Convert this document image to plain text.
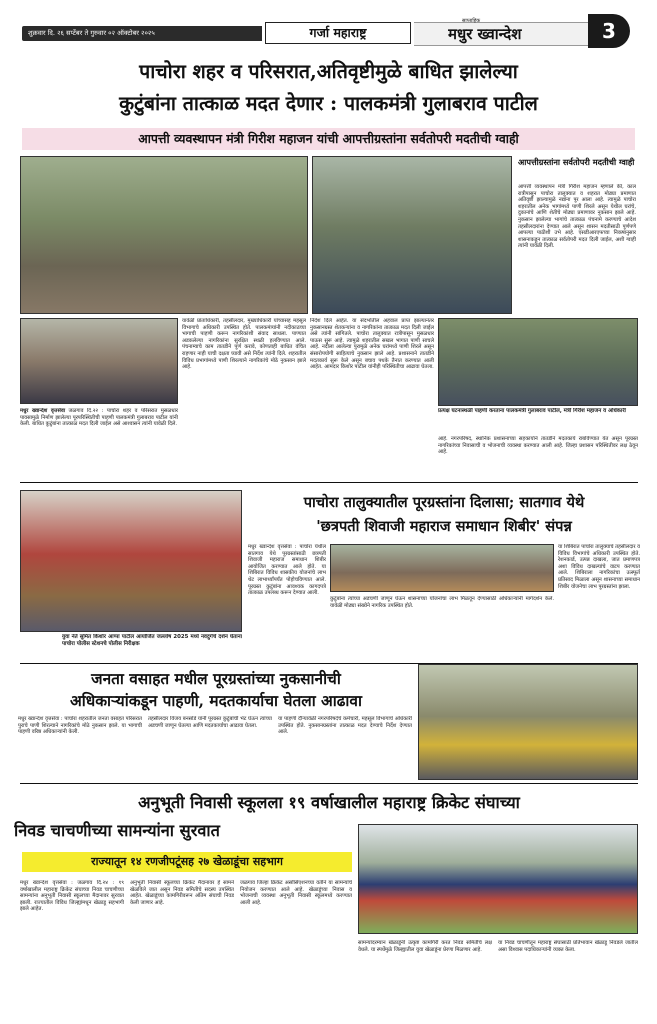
शुक्रवार दि. २६ सप्टेंबर ते गुरुवार ०२ ऑक्टोबर २०२५	गर्जा महाराष्ट्र
साप्ताहिक
मधुर ख्वान्देश	3
पाचोरा शहर व परिसरात,अतिवृष्टीमुळे बाधित झालेल्या
कुटुंबांना तात्काळ मदत देणार : पालकमंत्री गुलाबराव पाटील
आपत्ती व्यवस्थापन मंत्री गिरीश महाजन यांची आपत्तीग्रस्तांना सर्वतोपरी मदतीची ग्वाही
आपत्तीग्रस्तांना सर्वतोपरी मदतीची ग्वाही
आपत्ती व्यवस्थापन मंत्री गिरीश महाजन म्हणाले की, काल रात्रीपासून पाचोरा तालुक्यात व शहरात मोठ्या प्रमाणात अतिवृष्टी झाल्यामुळे नद्यांना पूर आला आहे. त्यामुळे पाचोरा शहरातील अनेक भागांमध्ये पाणी शिरले असून येथील घरांचे, दुकानांचे आणि शेतीचे मोठ्या प्रमाणावर नुकसान झाले आहे. नुकसान झालेल्या भागांचे तात्काळ पंचनामे करण्याचे आदेश तहसीलदारांना देण्यात आले असून शासन मदतीसाठी पूर्णपणे आपल्या पाठीशी उभे आहे. एसडीआरएफच्या निकषानुसार शासनाकडून तात्काळ सर्वतोपरी मदत दिली जाईल, अशी ग्वाही त्यांनी यावेळी दिली.
मधुर ख्वान्देश वृत्तसेवा जळगाव दि.२२ : पाचोरा शहर व परिसरात मुसळधार पावसामुळे निर्माण झालेल्या पूरपरिस्थितीची पाहणी पालकमंत्री गुलाबराव पाटील यांनी केली. बाधित कुटुंबांना तात्काळ मदत दिली जाईल असे आश्वासन त्यांनी यावेळी दिले.
यावेळी प्रांताधिकारी, तहसीलदार, मुख्याधिकारी यांच्यासह महसूल विभागाचे अधिकारी उपस्थित होते. पालकमंत्र्यांनी नदीकाठच्या भागाची पाहणी करून नागरिकांशी संवाद साधला. पाण्यात अडकलेल्या नागरिकांना सुरक्षित स्थळी हलविण्यात आले. पंचनाम्याचे काम तातडीने पूर्ण करावे, कोणताही बाधित वंचित राहणार नाही याची दक्षता घ्यावी असे निर्देश त्यांनी दिले. शहरातील विविध प्रभागांमध्ये पाणी शिरल्याने नागरिकांचे मोठे नुकसान झाले आहे.
निर्देश दिले आहेत. या संदर्भातील अहवाल प्राप्त झाल्यानंतर नुकसानग्रस्त शेतकऱ्यांना व नागरिकांना तात्काळ मदत दिली जाईल असे त्यांनी सांगितले. पाचोरा तालुक्यात रात्रीपासून मुसळधार पाऊस सुरू आहे. त्यामुळे शहरातील सखल भागात पाणी साचले आहे. नदीला आलेल्या पुरामुळे अनेक घरांमध्ये पाणी शिरले असून संसारोपयोगी साहित्याचे नुकसान झाले आहे. प्रशासनाने तातडीने मदतकार्य सुरू केले असून बचाव पथके तैनात करण्यात आली आहेत. आमदार किशोर पाटील यांनीही परिस्थितीचा आढावा घेतला.
प्रत्यक्ष घटनास्थळी पाहणी करताना पालकमंत्री गुलाबराव पाटील, मंत्री गिरीश महाजन व अधिकारी
आहे. नगरपरिषद, स्थानिक प्रशासनाच्या सहकार्याने तातडीने मदतकार्य राबविण्यात येत असून पूरग्रस्त नागरिकांच्या निवासाची व भोजनाची व्यवस्था करण्यात आली आहे. जिल्हा प्रशासन परिस्थितीवर लक्ष ठेवून आहे.
युवा नेते सुमित किशोर आप्पा पाटील आयोजित जल्लोष 2025 मध्ये नवदुर्गेचे दर्शन घेताना पाचोरा पोलीस स्टेशनचे पोलीस निरीक्षक
पाचोरा तालुक्यातील पूरग्रस्तांना दिलासा; सातगाव येथे
'छत्रपती शिवाजी महाराज समाधान शिबीर' संपन्न
मधुर ख्वान्देश वृत्तसेवा : पाचोरा येथील सातगाव येथे पूरग्रस्तांसाठी छत्रपती शिवाजी महाराज समाधान शिबीर आयोजित करण्यात आले होते. या शिबिरात विविध शासकीय योजनांचे लाभ थेट लाभार्थ्यांपर्यंत पोहोचविण्यात आले. पूरग्रस्त कुटुंबांना आवश्यक कागदपत्रे तात्काळ उपलब्ध करून देण्यात आली.
कुटुंबांना त्यांच्या अडचणी जाणून घेऊन शासनाच्या योजनांचा लाभ मिळवून देण्यासाठी अधिकाऱ्यांनी मार्गदर्शन केले. यावेळी मोठ्या संख्येने नागरिक उपस्थित होते.
या शिबिरात पाचोरा तालुक्याचे तहसीलदार व विविध विभागांचे अधिकारी उपस्थित होते. रेशनकार्ड, उत्पन्न दाखला, जात प्रमाणपत्र अशा विविध दाखल्यांचे वाटप करण्यात आले. शिबिराला नागरिकांचा उत्स्फूर्त प्रतिसाद मिळाला असून शासनाच्या समाधान शिबीर योजनेचा लाभ पूरग्रस्तांना झाला.
जनता वसाहत मधील पूरग्रस्तांच्या नुकसानीची
अधिकाऱ्यांकडून पाहणी, मदतकार्याचा घेतला आढावा
मधुर ख्वान्देश वृत्तसेवा : पाचोरा शहरातील जनता वसाहत परिसरात पुराचे पाणी शिरल्याने नागरिकांचे मोठे नुकसान झाले. या भागाची पाहणी वरिष्ठ अधिकाऱ्यांनी केली.
तहसीलदार विजय बनसोडे यांनी पूरग्रस्त कुटुंबांची भेट घेऊन त्यांच्या अडचणी जाणून घेतल्या आणि मदतकार्याचा आढावा घेतला.
या पाहणी दौऱ्यावेळी नगरपरिषदेचे कर्मचारी, महसूल विभागाचे अधिकारी उपस्थित होते. नुकसानग्रस्तांना तात्काळ मदत देण्याचे निर्देश देण्यात आले.
अनुभूती निवासी स्कूलला १९ वर्षाखालील महाराष्ट्र क्रिकेट संघाच्या
निवड चाचणीच्या सामन्यांना सुरवात
राज्यातून १४ रणजीपटूंसह २७ खेळाडूंचा सहभाग
मधुर ख्वान्देश वृत्तसेवा : जळगाव दि.२४ : १९ वर्षाखालील महाराष्ट्र क्रिकेट संघाच्या निवड चाचणीच्या सामन्यांना अनुभूती निवासी स्कूलच्या मैदानावर सुरवात झाली. राज्यातील विविध जिल्ह्यांमधून खेळाडू सहभागी झाले आहेत.
अनुभूती निवासी स्कूलच्या क्रिकेट मैदानावर हे सामने खेळविले जात असून निवड समितीचे सदस्य उपस्थित आहेत. खेळाडूंच्या कामगिरीवरून अंतिम संघाची निवड केली जाणार आहे.
जळगाव जिल्हा क्रिकेट असोसिएशनच्या वतीने या सामन्यांचे नियोजन करण्यात आले आहे. खेळाडूंच्या निवास व भोजनाची व्यवस्था अनुभूती निवासी स्कूलमध्ये करण्यात आली आहे.
सामन्यांदरम्यान खेळाडूंनी उत्कृष्ट कामगिरी करत निवड समितीचे लक्ष वेधले. या स्पर्धेमुळे जिल्ह्यातील युवा खेळाडूंना प्रेरणा मिळणार आहे.
या निवड चाचणीतून महाराष्ट्र संघासाठी प्रतिभावान खेळाडू निवडले जातील असा विश्वास पदाधिकाऱ्यांनी व्यक्त केला.
